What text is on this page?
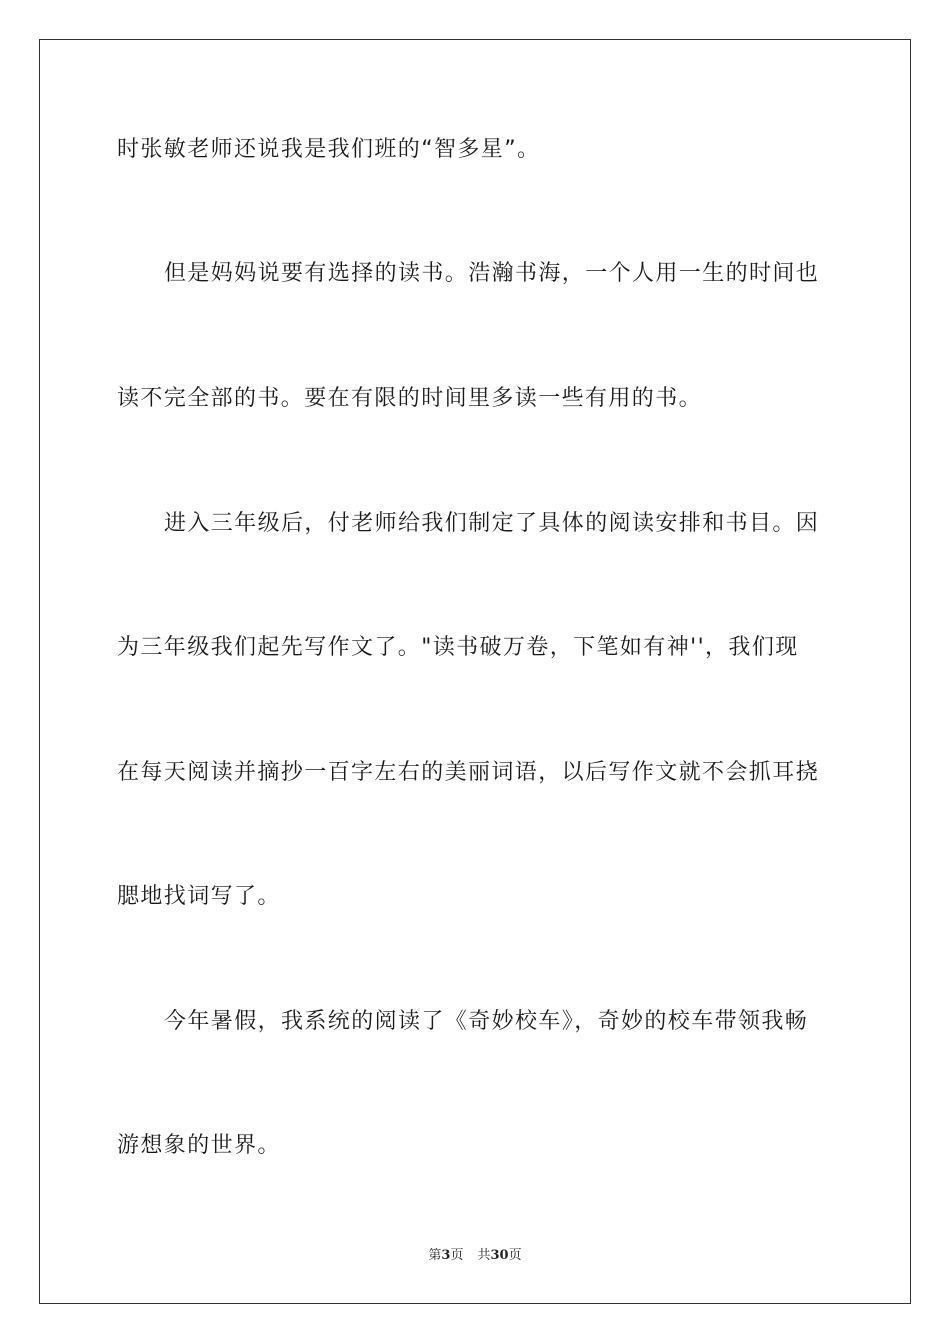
时张敏老师还说我是我们班的“智多星”。
但是妈妈说要有选择的读书。浩瀚书海，一个人用一生的时间也
读不完全部的书。要在有限的时间里多读一些有用的书。
进入三年级后，付老师给我们制定了具体的阅读安排和书目。因
为三年级我们起先写作文了。"读书破万卷，下笔如有神''，我们现
在每天阅读并摘抄一百字左右的美丽词语，以后写作文就不会抓耳挠
腮地找词写了。
今年暑假，我系统的阅读了《奇妙校车》，奇妙的校车带领我畅
游想象的世界。
第3页 共30页
